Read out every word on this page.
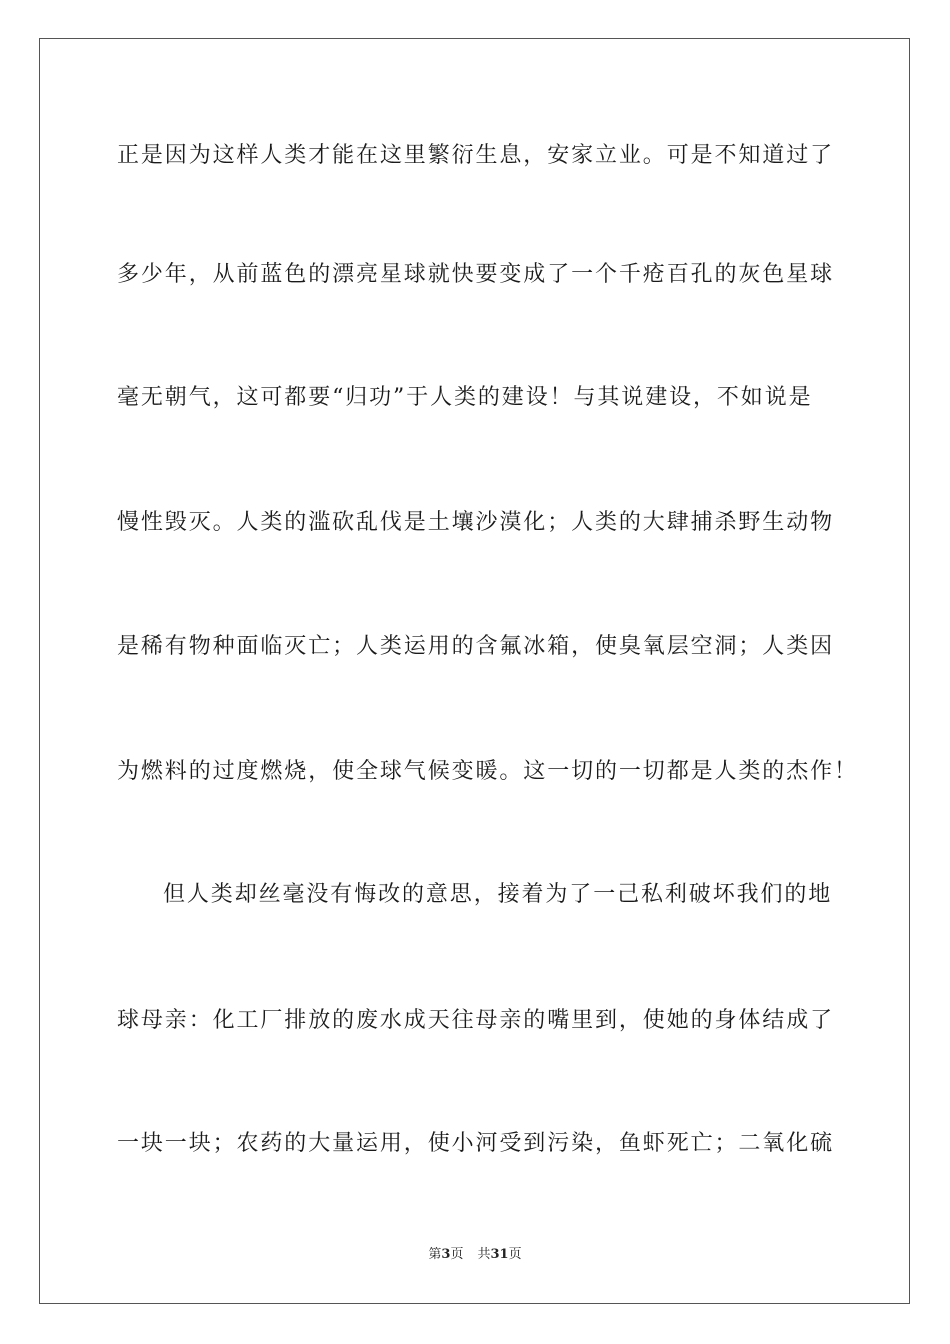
正是因为这样人类才能在这里繁衍生息，安家立业。可是不知道过了
多少年，从前蓝色的漂亮星球就快要变成了一个千疮百孔的灰色星球
毫无朝气，这可都要“归功”于人类的建设！与其说建设，不如说是
慢性毁灭。人类的滥砍乱伐是土壤沙漠化；人类的大肆捕杀野生动物
是稀有物种面临灭亡；人类运用的含氟冰箱，使臭氧层空洞；人类因
为燃料的过度燃烧，使全球气候变暖。这一切的一切都是人类的杰作！
但人类却丝毫没有悔改的意思，接着为了一己私利破坏我们的地
球母亲：化工厂排放的废水成天往母亲的嘴里到，使她的身体结成了
一块一块；农药的大量运用，使小河受到污染，鱼虾死亡；二氧化硫
第3页 共31页
